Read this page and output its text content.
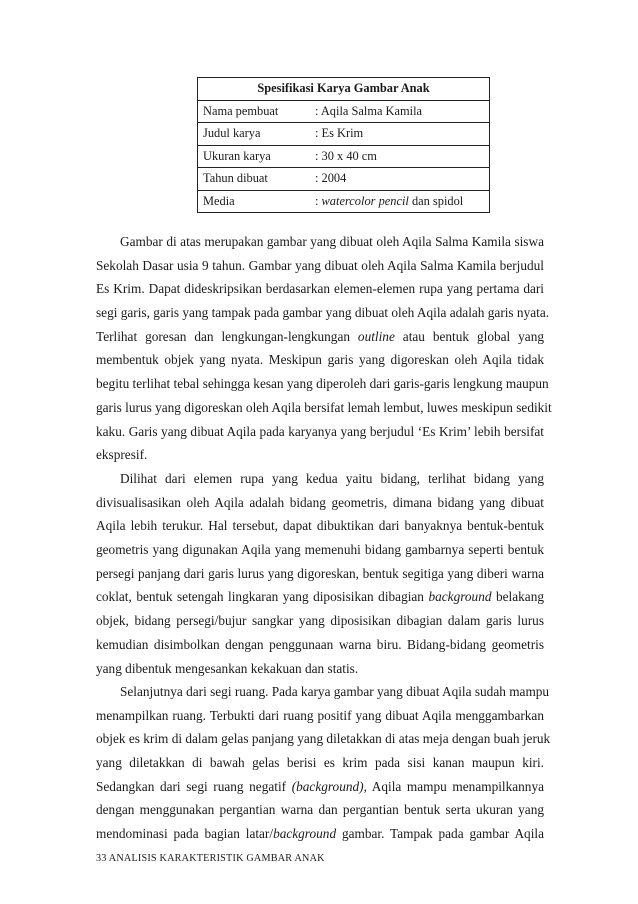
Spesifikasi Karya Gambar Anak
Nama pembuat	: Aqila Salma Kamila
Judul karya	: Es Krim
Ukuran karya	: 30 x 40 cm
Tahun dibuat	: 2004
Media	: watercolor pencil dan spidol
Gambar di atas merupakan gambar yang dibuat oleh Aqila Salma Kamila siswa
Sekolah Dasar usia 9 tahun. Gambar yang dibuat oleh Aqila Salma Kamila berjudul
Es Krim. Dapat dideskripsikan berdasarkan elemen-elemen rupa yang pertama dari
segi garis, garis yang tampak pada gambar yang dibuat oleh Aqila adalah garis nyata.
Terlihat goresan dan lengkungan-lengkungan outline atau bentuk global yang
membentuk objek yang nyata. Meskipun garis yang digoreskan oleh Aqila tidak
begitu terlihat tebal sehingga kesan yang diperoleh dari garis-garis lengkung maupun
garis lurus yang digoreskan oleh Aqila bersifat lemah lembut, luwes meskipun sedikit
kaku. Garis yang dibuat Aqila pada karyanya yang berjudul ‘Es Krim’ lebih bersifat
ekspresif.
Dilihat dari elemen rupa yang kedua yaitu bidang, terlihat bidang yang
divisualisasikan oleh Aqila adalah bidang geometris, dimana bidang yang dibuat
Aqila lebih terukur. Hal tersebut, dapat dibuktikan dari banyaknya bentuk-bentuk
geometris yang digunakan Aqila yang memenuhi bidang gambarnya seperti bentuk
persegi panjang dari garis lurus yang digoreskan, bentuk segitiga yang diberi warna
coklat, bentuk setengah lingkaran yang diposisikan dibagian background belakang
objek, bidang persegi/bujur sangkar yang diposisikan dibagian dalam garis lurus
kemudian disimbolkan dengan penggunaan warna biru. Bidang-bidang geometris
yang dibentuk mengesankan kekakuan dan statis.
Selanjutnya dari segi ruang. Pada karya gambar yang dibuat Aqila sudah mampu
menampilkan ruang. Terbukti dari ruang positif yang dibuat Aqila menggambarkan
objek es krim di dalam gelas panjang yang diletakkan di atas meja dengan buah jeruk
yang diletakkan di bawah gelas berisi es krim pada sisi kanan maupun kiri.
Sedangkan dari segi ruang negatif (background), Aqila mampu menampilkannya
dengan menggunakan pergantian warna dan pergantian bentuk serta ukuran yang
mendominasi pada bagian latar/background gambar. Tampak pada gambar Aqila
33 ANALISIS KARAKTERISTIK GAMBAR ANAK
